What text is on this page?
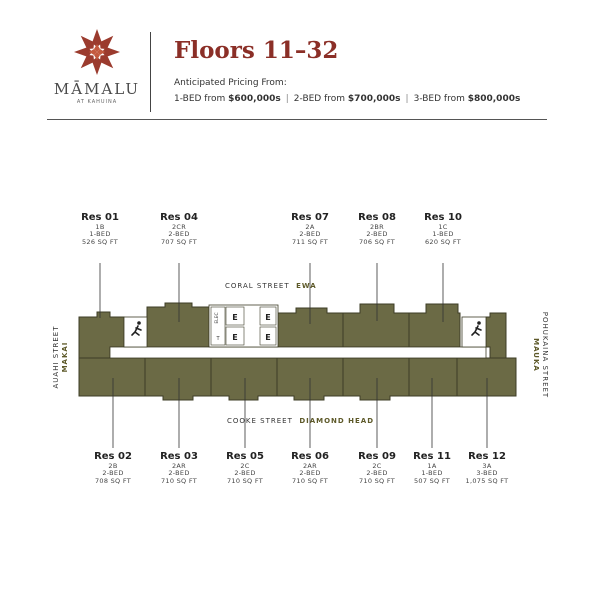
MĀMALU
AT KAHUINA
Floors 11–32
Anticipated Pricing From:
1-BED from $600,000s | 2-BED from $700,000s | 3-BED from $800,000s
ELEC
T
E
E
E
E
CORAL STREET EWA
COOKE STREET DIAMOND HEAD
AUAHI STREET MAKAI	POHUKAINA STREET
MAUKA
Res 01
1B
1-BED
526 SQ FT
Res 04
2CR
2-BED
707 SQ FT
Res 07
2A
2-BED
711 SQ FT
Res 08
2BR
2-BED
706 SQ FT
Res 10
1C
1-BED
620 SQ FT
Res 02
2B
2-BED
708 SQ FT
Res 03
2AR
2-BED
710 SQ FT
Res 05
2C
2-BED
710 SQ FT
Res 06
2AR
2-BED
710 SQ FT
Res 09
2C
2-BED
710 SQ FT
Res 11
1A
1-BED
507 SQ FT
Res 12
3A
3-BED
1,075 SQ FT
